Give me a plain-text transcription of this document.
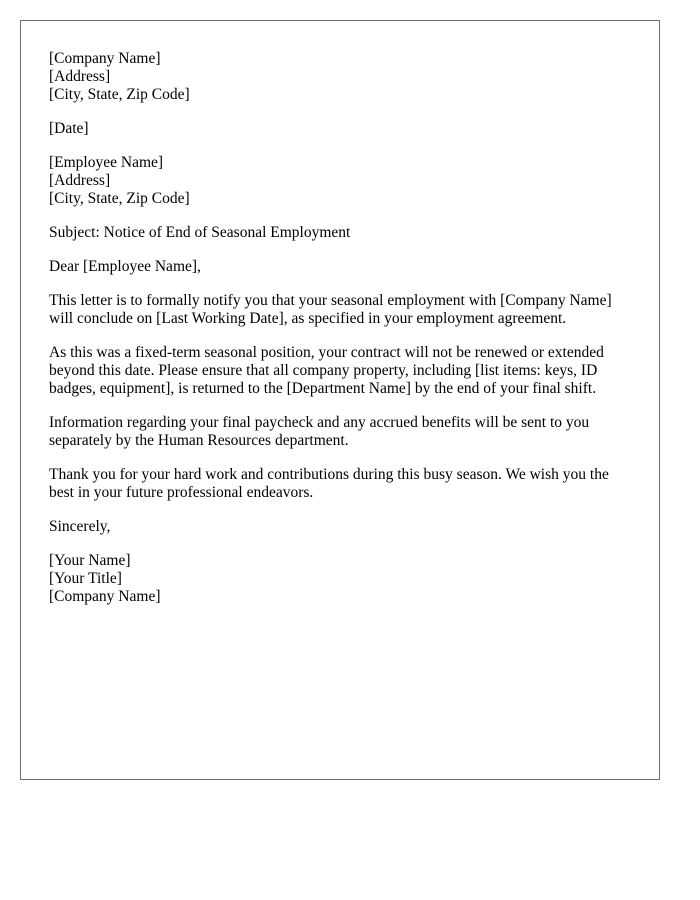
[Company Name]
[Address]
[City, State, Zip Code]
[Date]
[Employee Name]
[Address]
[City, State, Zip Code]
Subject: Notice of End of Seasonal Employment
Dear [Employee Name],
This letter is to formally notify you that your seasonal employment with [Company Name]
will conclude on [Last Working Date], as specified in your employment agreement.
As this was a fixed-term seasonal position, your contract will not be renewed or extended
beyond this date. Please ensure that all company property, including [list items: keys, ID
badges, equipment], is returned to the [Department Name] by the end of your final shift.
Information regarding your final paycheck and any accrued benefits will be sent to you
separately by the Human Resources department.
Thank you for your hard work and contributions during this busy season. We wish you the
best in your future professional endeavors.
Sincerely,
[Your Name]
[Your Title]
[Company Name]
